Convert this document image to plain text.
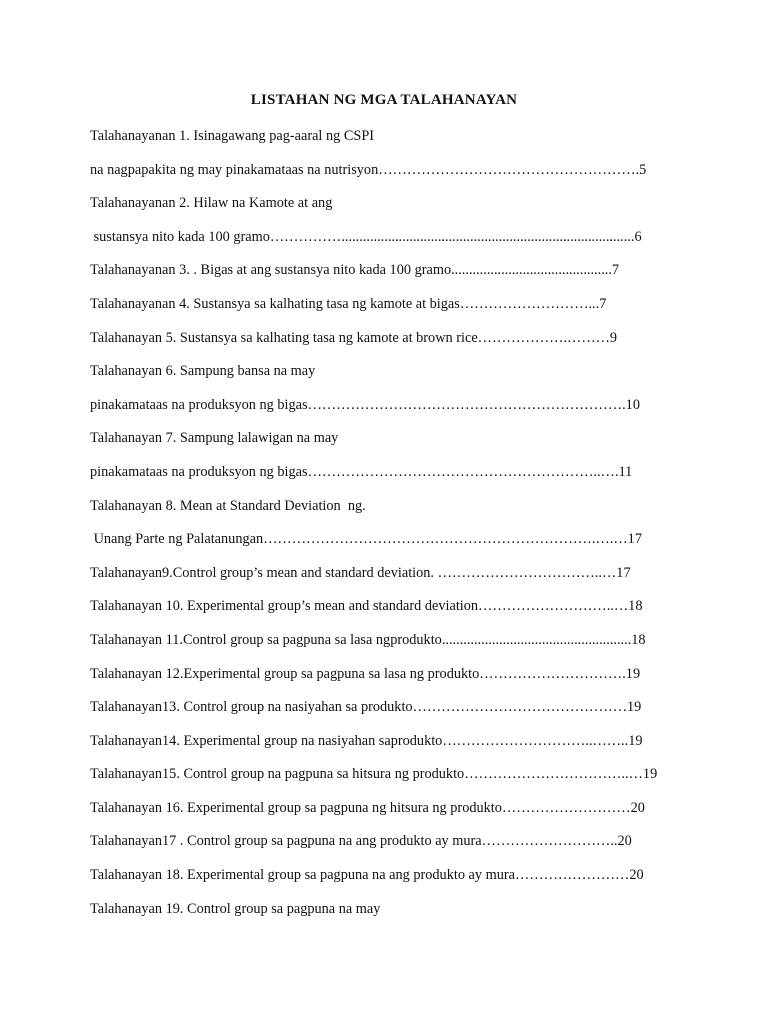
LISTAHAN NG MGA TALAHANAYAN
Talahanayanan 1. Isinagawang pag-aaral ng CSPI
na nagpapakita ng may pinakamataas na nutrisyon……………………………………………….5
Talahanayanan 2. Hilaw na Kamote at ang
sustansya nito kada 100 gramo……………..................................................................................6
Talahanayanan 3. . Bigas at ang sustansya nito kada 100 gramo.............................................7
Talahanayanan 4. Sustansya sa kalhating tasa ng kamote at bigas………………………...7
Talahanayan 5. Sustansya sa kalhating tasa ng kamote at brown rice……………….………9
Talahanayan 6. Sampung bansa na may
pinakamataas na produksyon ng bigas………………………………………………………….10
Talahanayan 7. Sampung lalawigan na may
pinakamataas na produksyon ng bigas……………………………………………………..….11
Talahanayan 8. Mean at Standard Deviation  ng.
Unang Parte ng Palatanungan…………………………………………………………….….…17
Talahanayan9.Control group’s mean and standard deviation. ……………………………..…17
Talahanayan 10. Experimental group’s mean and standard deviation………………………..…18
Talahanayan 11.Control group sa pagpuna sa lasa ngprodukto.....................................................18
Talahanayan 12.Experimental group sa pagpuna sa lasa ng produkto………………………….19
Talahanayan13. Control group na nasiyahan sa produkto………………………………………19
Talahanayan14. Experimental group na nasiyahan saprodukto…………………………..……..19
Talahanayan15. Control group na pagpuna sa hitsura ng produkto……………………………..…19
Talahanayan 16. Experimental group sa pagpuna ng hitsura ng produkto………………………20
Talahanayan17 . Control group sa pagpuna na ang produkto ay mura………………………..20
Talahanayan 18. Experimental group sa pagpuna na ang produkto ay mura……………………20
Talahanayan 19. Control group sa pagpuna na may
